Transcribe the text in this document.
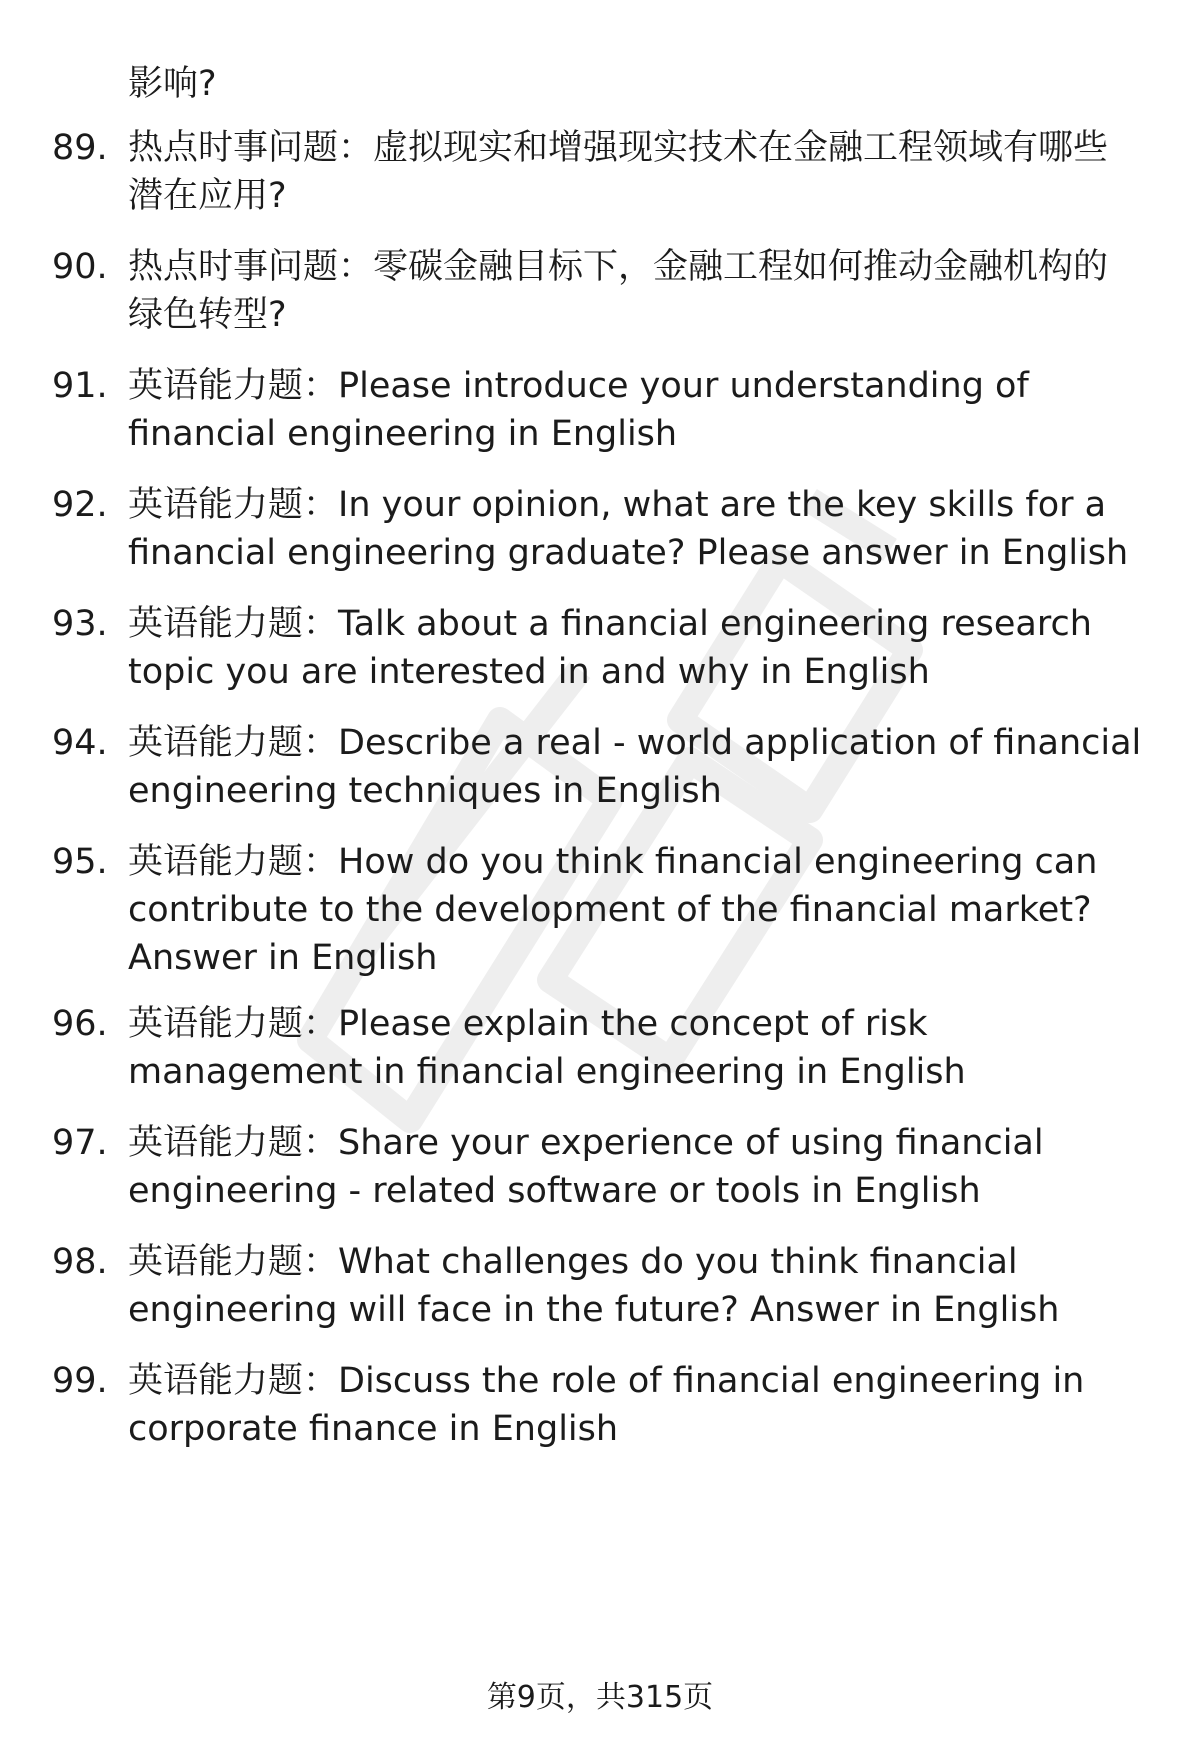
影响?
89. 热点时事问题：虚拟现实和增强现实技术在金融工程领域有哪些
潜在应用?
90. 热点时事问题：零碳金融目标下，金融工程如何推动金融机构的
绿色转型?
91. 英语能力题：Please introduce your understanding of
financial engineering in English
92. 英语能力题：In your opinion, what are the key skills for a
financial engineering graduate? Please answer in English
93. 英语能力题：Talk about a financial engineering research
topic you are interested in and why in English
94. 英语能力题：Describe a real - world application of financial
engineering techniques in English
95. 英语能力题：How do you think financial engineering can
contribute to the development of the financial market?
Answer in English
96. 英语能力题：Please explain the concept of risk
management in financial engineering in English
97. 英语能力题：Share your experience of using financial
engineering - related software or tools in English
98. 英语能力题：What challenges do you think financial
engineering will face in the future? Answer in English
99. 英语能力题：Discuss the role of financial engineering in
corporate finance in English
第9页，共315页
